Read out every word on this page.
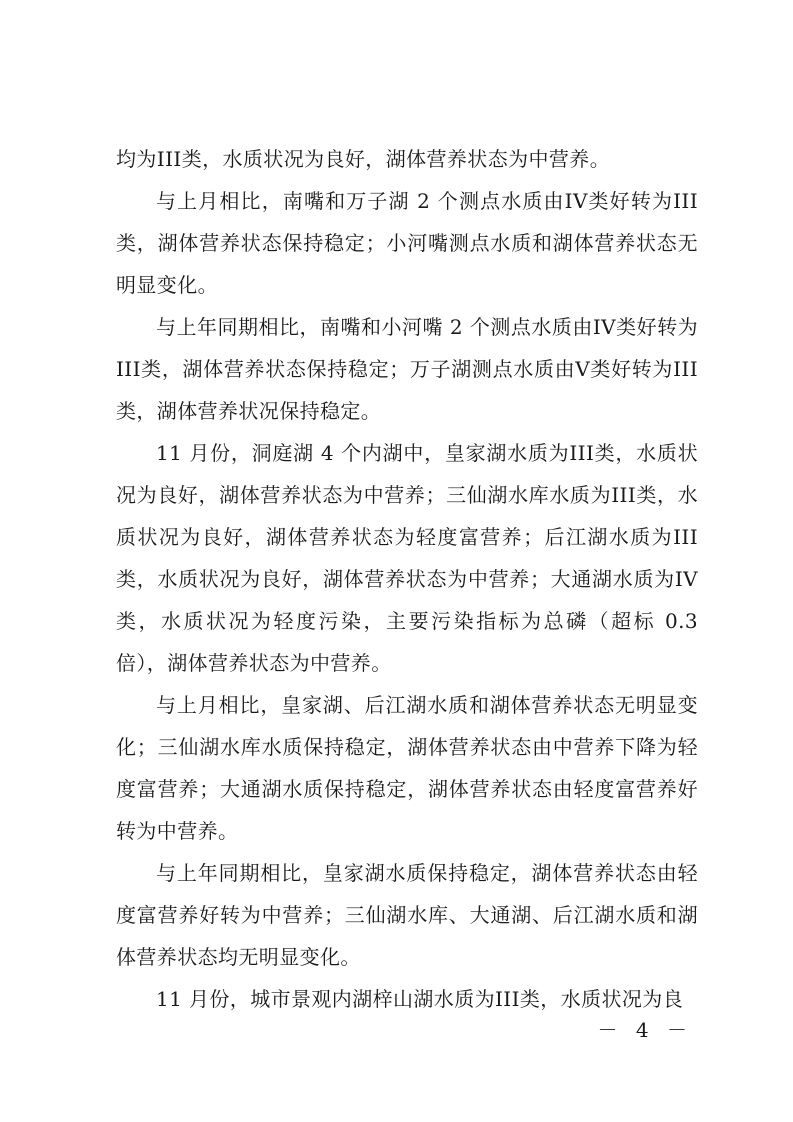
均为III类，水质状况为良好，湖体营养状态为中营养。

与上月相比，南嘴和万子湖 2 个测点水质由IV类好转为III类，湖体营养状态保持稳定；小河嘴测点水质和湖体营养状态无明显变化。

与上年同期相比，南嘴和小河嘴 2 个测点水质由IV类好转为III类，湖体营养状态保持稳定；万子湖测点水质由V类好转为III类，湖体营养状况保持稳定。

11 月份，洞庭湖 4 个内湖中，皇家湖水质为III类，水质状况为良好，湖体营养状态为中营养；三仙湖水库水质为III类，水质状况为良好，湖体营养状态为轻度富营养；后江湖水质为III类，水质状况为良好，湖体营养状态为中营养；大通湖水质为IV类，水质状况为轻度污染，主要污染指标为总磷（超标 0.3 倍），湖体营养状态为中营养。

与上月相比，皇家湖、后江湖水质和湖体营养状态无明显变化；三仙湖水库水质保持稳定，湖体营养状态由中营养下降为轻度富营养；大通湖水质保持稳定，湖体营养状态由轻度富营养好转为中营养。

与上年同期相比，皇家湖水质保持稳定，湖体营养状态由轻度富营养好转为中营养；三仙湖水库、大通湖、后江湖水质和湖体营养状态均无明显变化。

11 月份，城市景观内湖梓山湖水质为III类，水质状况为良

－ 4 －
